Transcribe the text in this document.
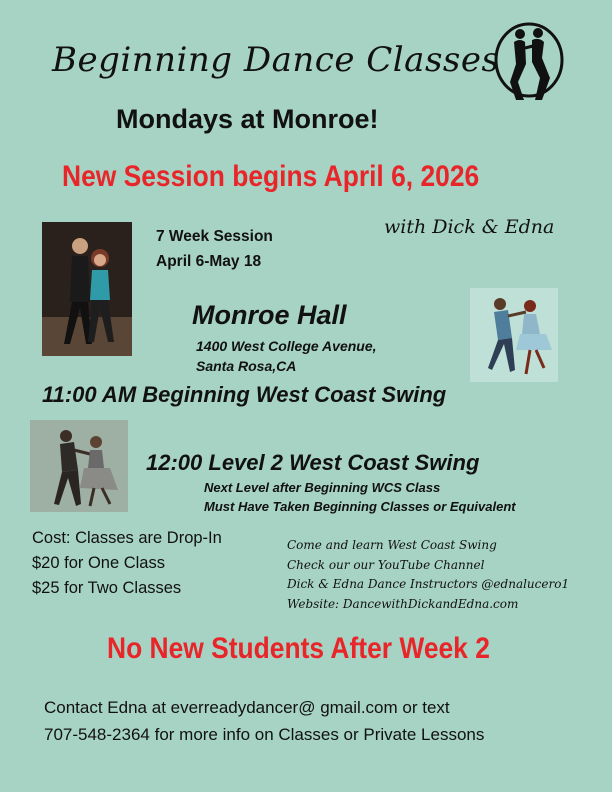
Beginning Dance Classes
Mondays at Monroe!
New Session begins April 6, 2026
7 Week Session
April 6-May 18
with Dick & Edna
Monroe Hall
1400 West College Avenue,
Santa Rosa,CA
11:00 AM Beginning West Coast Swing
12:00 Level 2 West Coast Swing
Next Level after Beginning WCS Class
Must Have Taken Beginning Classes or Equivalent
Cost: Classes are Drop-In
$20 for One Class
$25 for Two Classes
Come and learn West Coast Swing
Check our our YouTube Channel
Dick & Edna Dance Instructors @ednalucero1
Website: DancewithDickandEdna.com
No New Students After Week 2
Contact Edna at everreadydancer@ gmail.com or text
707-548-2364 for more info on Classes or Private Lessons
